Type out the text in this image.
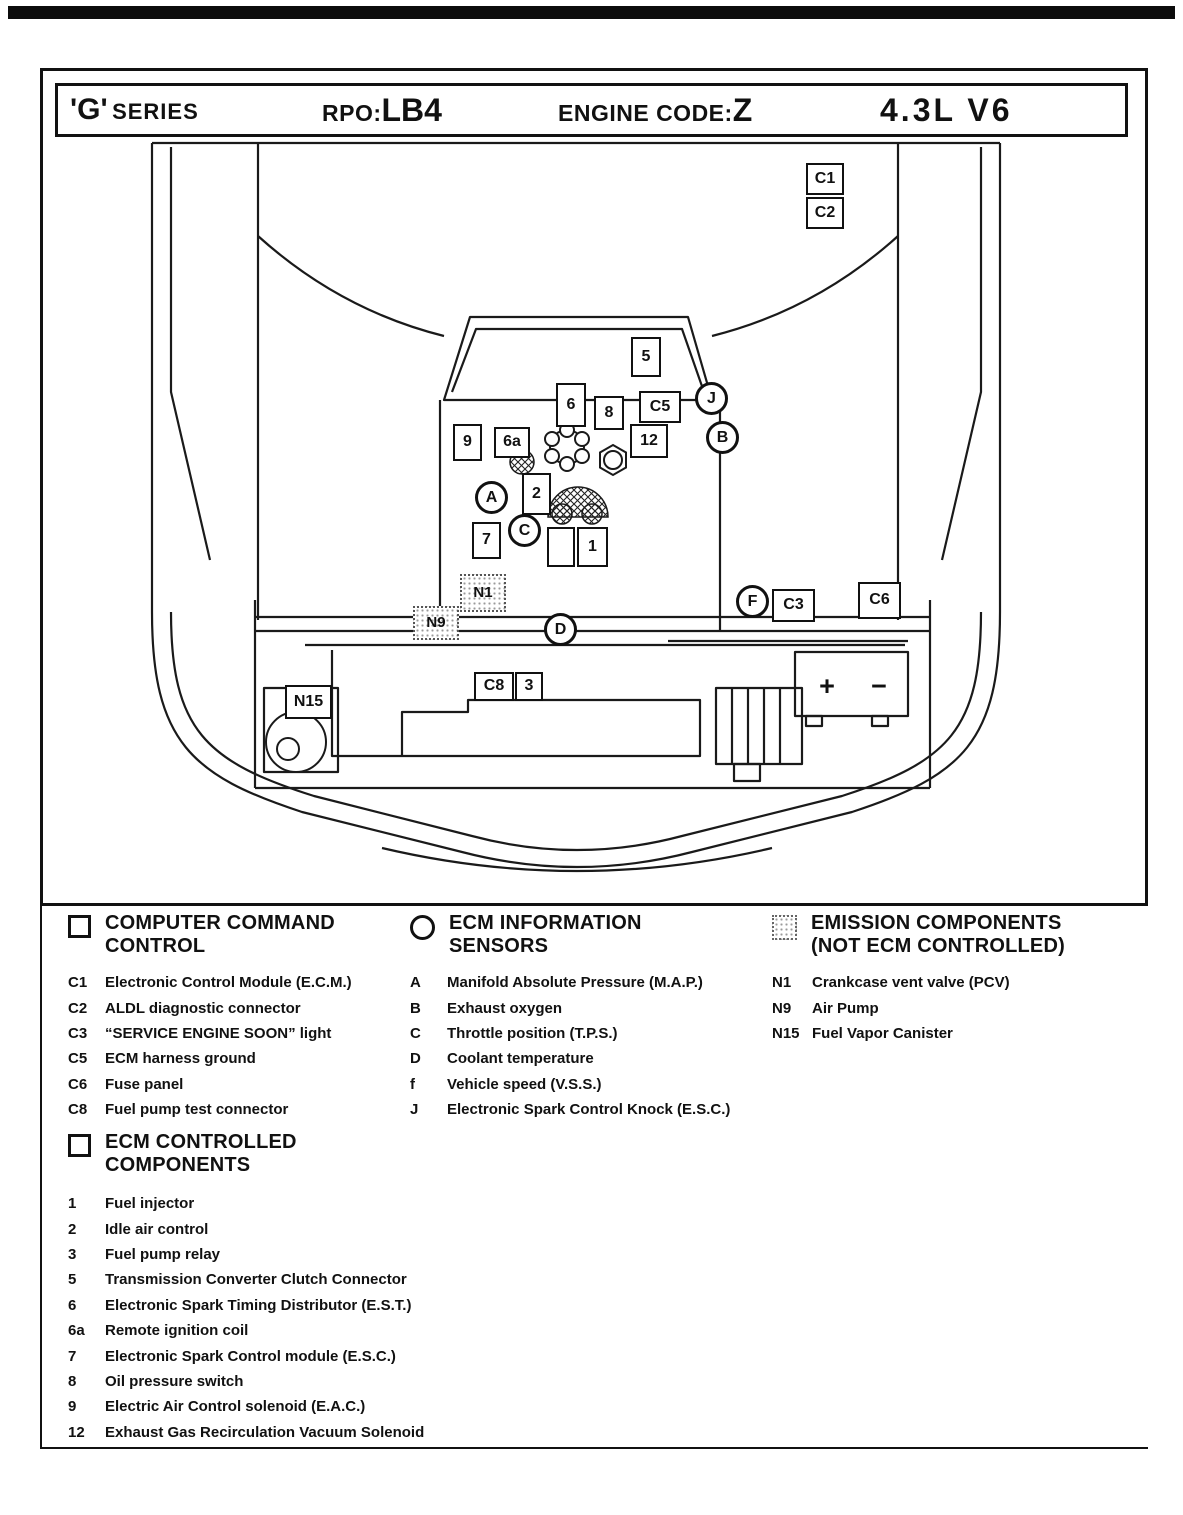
'G' SERIES	RPO:LB4	ENGINE CODE:Z	4.3L V6
C1
C2
5
6	8	C5	J
B
9	6a	12
A	2
C
7	1
N1
N9	D
F	C3	C6
N15
C8	3	+ −
COMPUTER COMMAND
CONTROL
C1	Electronic Control Module (E.C.M.)
C2	ALDL diagnostic connector
C3	“SERVICE ENGINE SOON” light
C5	ECM harness ground
C6	Fuse panel
C8	Fuel pump test connector
ECM INFORMATION
SENSORS
A	Manifold Absolute Pressure (M.A.P.)
B	Exhaust oxygen
C	Throttle position (T.P.S.)
D	Coolant temperature
f	Vehicle speed (V.S.S.)
J	Electronic Spark Control Knock (E.S.C.)
EMISSION COMPONENTS
(NOT ECM CONTROLLED)
N1	Crankcase vent valve (PCV)
N9	Air Pump
N15 Fuel Vapor Canister
ECM CONTROLLED
COMPONENTS
1	Fuel injector
2	Idle air control
3	Fuel pump relay
5	Transmission Converter Clutch Connector
6	Electronic Spark Timing Distributor (E.S.T.)
6a	Remote ignition coil
7	Electronic Spark Control module (E.S.C.)
8	Oil pressure switch
9	Electric Air Control solenoid (E.A.C.)
12	Exhaust Gas Recirculation Vacuum Solenoid
